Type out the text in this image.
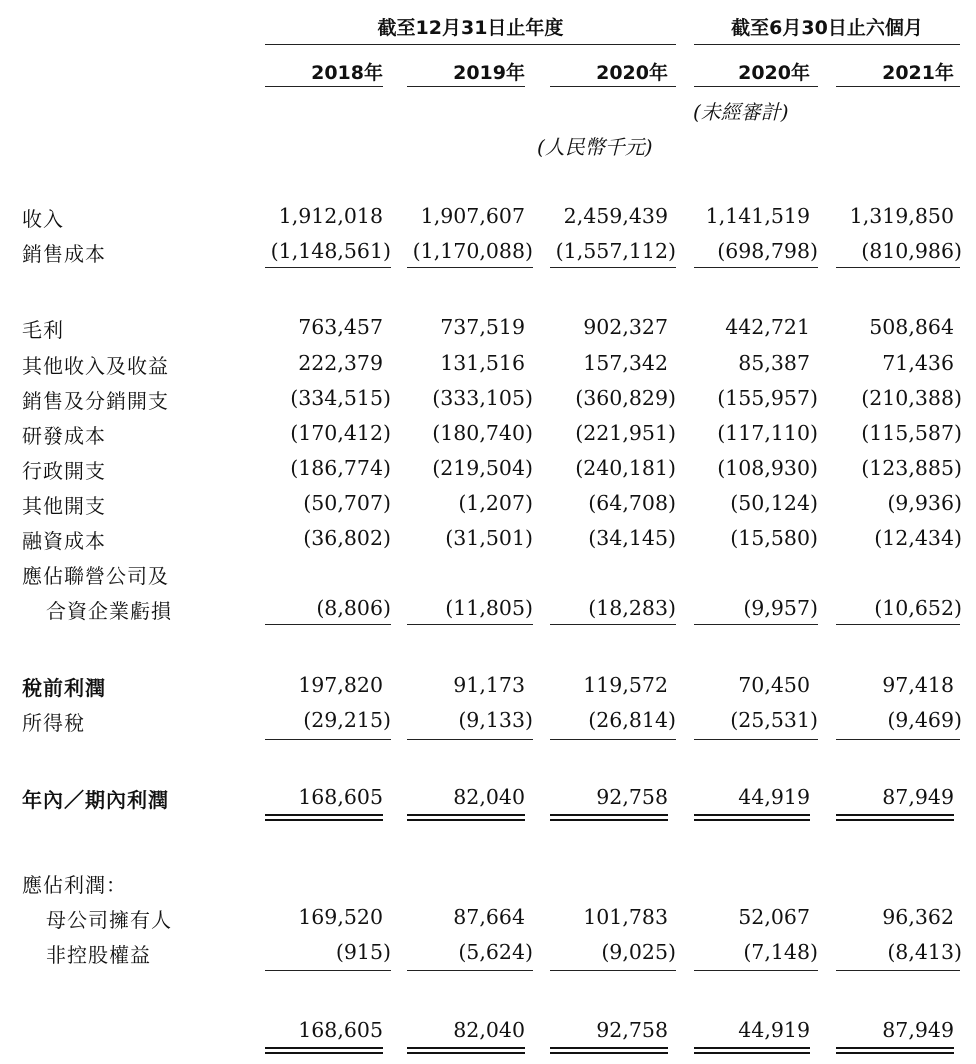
截至12月31日止年度	截至6月30日止六個月
2018年	2019年	2020年	2020年	2021年
(未經審計)
(人民幣千元)
收入	1,912,018	1,907,607	2,459,439	1,141,519	1,319,850
銷售成本	(1,148,561)	(1,170,088)	(1,557,112)	(698,798)	(810,986)
毛利	763,457	737,519	902,327	442,721	508,864
其他收入及收益	222,379	131,516	157,342	85,387	71,436
銷售及分銷開支	(334,515)	(333,105)	(360,829)	(155,957)	(210,388)
研發成本	(170,412)	(180,740)	(221,951)	(117,110)	(115,587)
行政開支	(186,774)	(219,504)	(240,181)	(108,930)	(123,885)
其他開支	(50,707)	(1,207)	(64,708)	(50,124)	(9,936)
融資成本	(36,802)	(31,501)	(34,145)	(15,580)	(12,434)
應佔聯營公司及
合資企業虧損	(8,806)	(11,805)	(18,283)	(9,957)	(10,652)
稅前利潤	197,820	91,173	119,572	70,450	97,418
所得稅	(29,215)	(9,133)	(26,814)	(25,531)	(9,469)
年內／期內利潤	168,605	82,040	92,758	44,919	87,949
應佔利潤：
母公司擁有人	169,520	87,664	101,783	52,067	96,362
非控股權益	(915)	(5,624)	(9,025)	(7,148)	(8,413)
168,605	82,040	92,758	44,919	87,949
